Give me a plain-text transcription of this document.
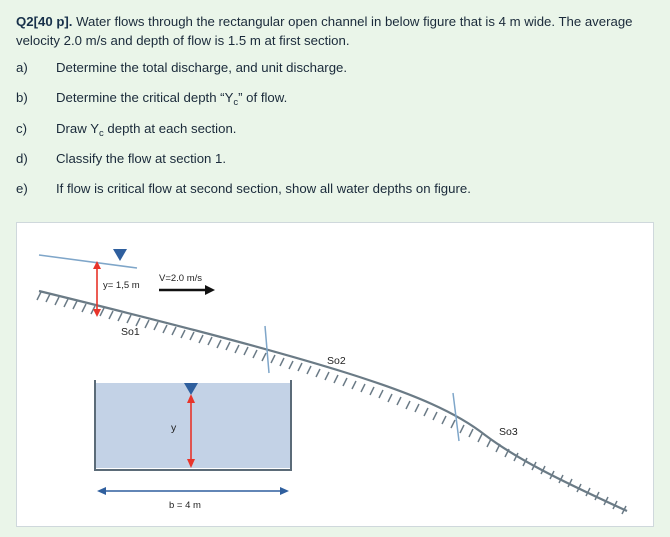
Q2[40 p]. Water flows through the rectangular open channel in below figure that is 4 m wide. The average velocity 2.0 m/s and depth of flow is 1.5 m at first section.

a)	Determine the total discharge, and unit discharge.
b)	Determine the critical depth “$Y_c$” of flow.
c)	Draw $Y_c$ depth at each section.
d)	Classify the flow at section 1.
e)	If flow is critical flow at second section, show all water depths on figure.
y= 1,5 m
V=2.0 m/s
So1
So2
So3
y
b = 4 m
